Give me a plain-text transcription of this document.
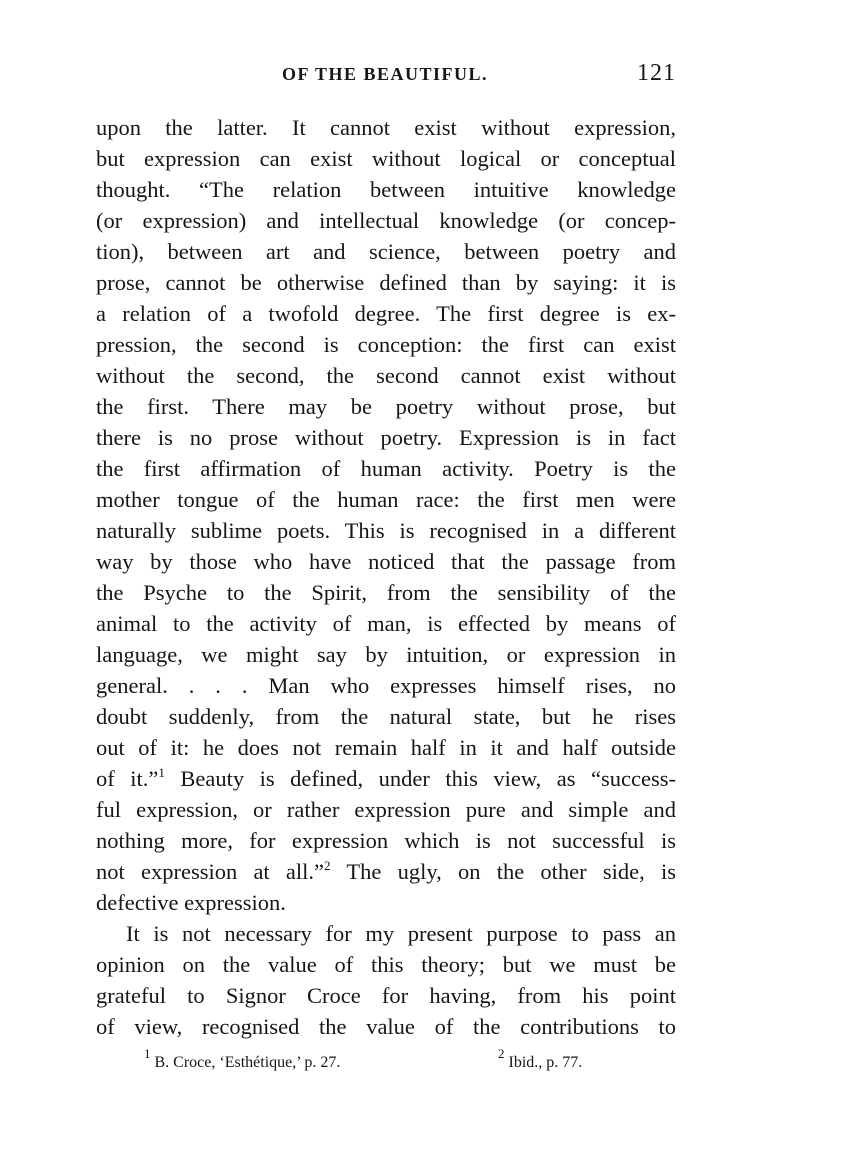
OF THE BEAUTIFUL.	121
upon the latter. It cannot exist without expression,
but expression can exist without logical or conceptual
thought. “The relation between intuitive knowledge
(or expression) and intellectual knowledge (or concep-
tion), between art and science, between poetry and
prose, cannot be otherwise defined than by saying: it is
a relation of a twofold degree. The first degree is ex-
pression, the second is conception: the first can exist
without the second, the second cannot exist without
the first. There may be poetry without prose, but
there is no prose without poetry. Expression is in fact
the first affirmation of human activity. Poetry is the
mother tongue of the human race: the first men were
naturally sublime poets. This is recognised in a different
way by those who have noticed that the passage from
the Psyche to the Spirit, from the sensibility of the
animal to the activity of man, is effected by means of
language, we might say by intuition, or expression in
general. . . . Man who expresses himself rises, no
doubt suddenly, from the natural state, but he rises
out of it: he does not remain half in it and half outside
of it.”$^1$ Beauty is defined, under this view, as “success-
ful expression, or rather expression pure and simple and
nothing more, for expression which is not successful is
not expression at all.”$^2$ The ugly, on the other side, is
defective expression.
It is not necessary for my present purpose to pass an
opinion on the value of this theory; but we must be
grateful to Signor Croce for having, from his point
of view, recognised the value of the contributions to
$^1$ B. Croce, ‘Esthétique,’ p. 27.
$^2$ Ibid., p. 77.
